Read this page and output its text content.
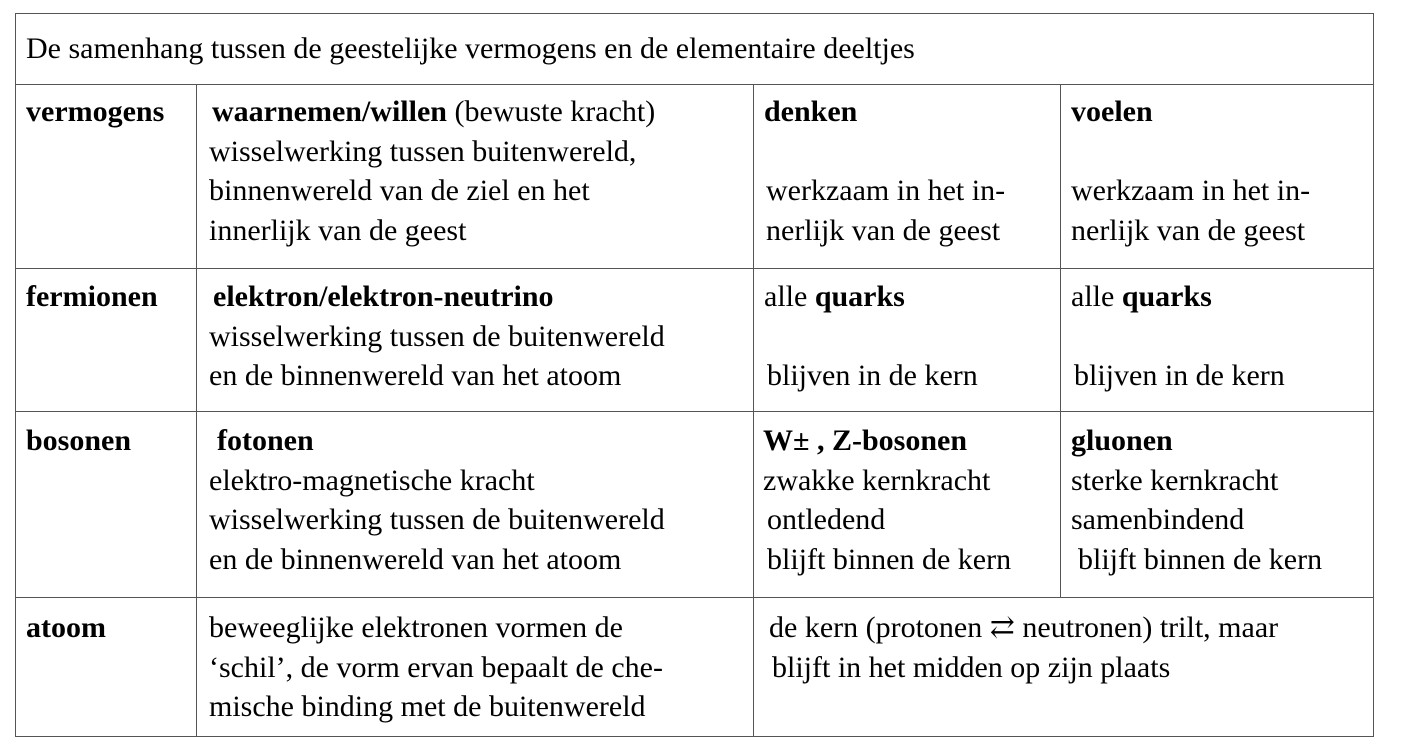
De samenhang tussen de geestelijke vermogens en de elementaire deeltjes
vermogens waarnemen/willen (bewuste kracht)
wisselwerking tussen buitenwereld,
binnenwereld van de ziel en het
innerlijk van de geest
denken

werkzaam in het in-
nerlijk van de geest
voelen

werkzaam in het in-
nerlijk van de geest
fermionen elektron/elektron-neutrino
wisselwerking tussen de buitenwereld
en de binnenwereld van het atoom
alle quarks

blijven in de kern
alle quarks

blijven in de kern
bosonen	fotonen
elektro-magnetische kracht
wisselwerking tussen de buitenwereld
en de binnenwereld van het atoom
W± , Z-bosonen
zwakke kernkracht
ontledend
blijft binnen de kern
gluonen
sterke kernkracht
samenbindend
blijft binnen de kern
atoom	beweeglijke elektronen vormen de
‘schil’, de vorm ervan bepaalt de che-
mische binding met de buitenwereld
de kern (protonen ⇄ neutronen) trilt, maar
blijft in het midden op zijn plaats
